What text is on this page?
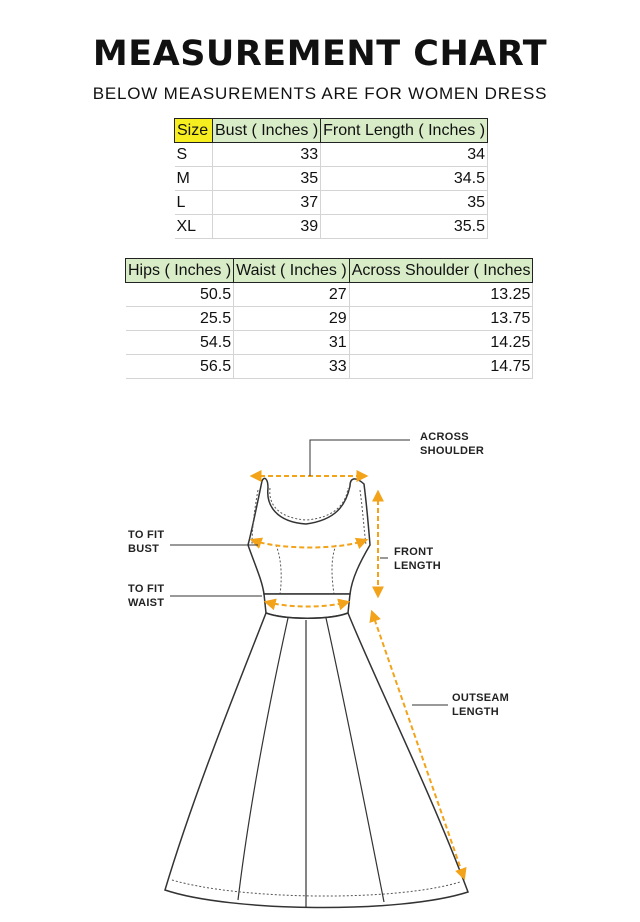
MEASUREMENT CHART
BELOW MEASUREMENTS ARE FOR WOMEN DRESS
Size	Bust ( Inches )	Front Length ( Inches )
S	33	34
M	35	34.5
L	37	35
XL	39	35.5
Hips ( Inches )	Waist ( Inches )	Across Shoulder ( Inches
50.5	27	13.25
25.5	29	13.75
54.5	31	14.25
56.5	33	14.75
ACROSS
SHOULDER
TO FIT
BUST	FRONT
LENGTH
TO FIT
WAIST
OUTSEAM
LENGTH
